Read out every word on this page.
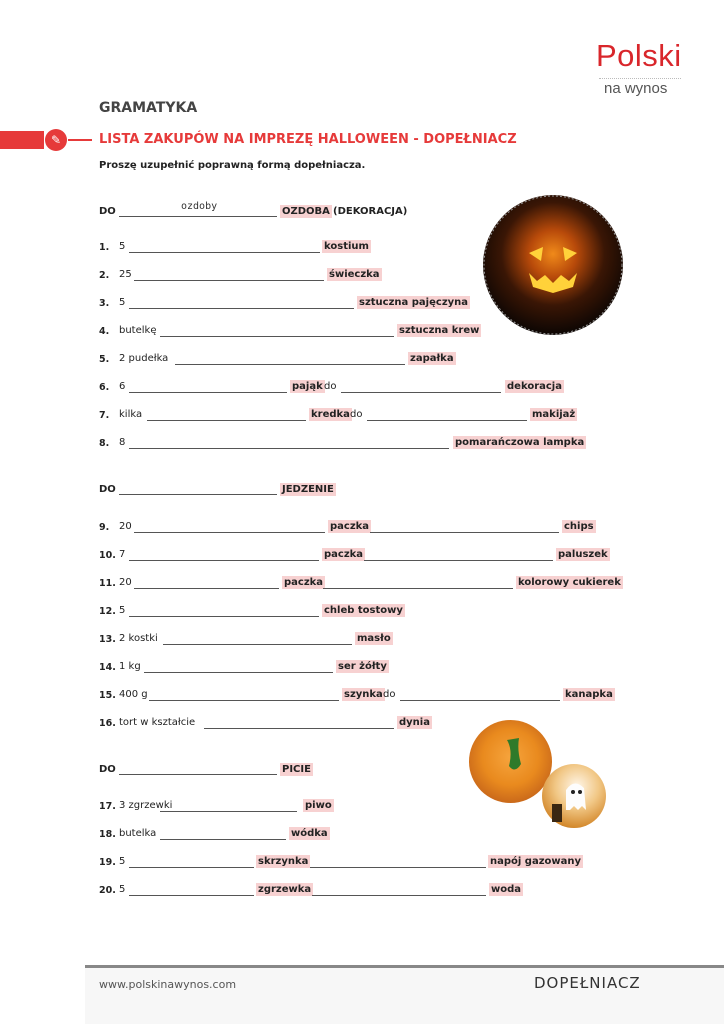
Polski
na wynos
GRAMATYKA
✎	LISTA ZAKUPÓW NA IMPREZĘ HALLOWEEN - DOPEŁNIACZ
Proszę uzupełnić poprawną formą dopełniacza.
DO	ozdoby	OZDOBA (DEKORACJA)
1. 5	kostium
2. 25	świeczka
3. 5	sztuczna pajęczyna
4. butelkę	sztuczna krew
5. 2 pudełka	zapałka
6. 6	pająk do	dekoracja
7. kilka	kredka do	makijaż
8. 8	pomarańczowa lampka
9. 20	paczka	chips
10. 7	paczka	paluszek
11. 20	paczka	kolorowy cukierek
12. 5	chleb tostowy
13. 2 kostki	masło
14. 1 kg	ser żółty
15. 400 g	szynka do	kanapka
16. tort w kształcie	dynia
17. 3 zgrzewki	piwo
18. butelka	wódka
19. 5	skrzynka	napój gazowany
20. 5	zgrzewka	woda
DO	JEDZENIE
DO	PICIE
www.polskinawynos.com	DOPEŁNIACZ
